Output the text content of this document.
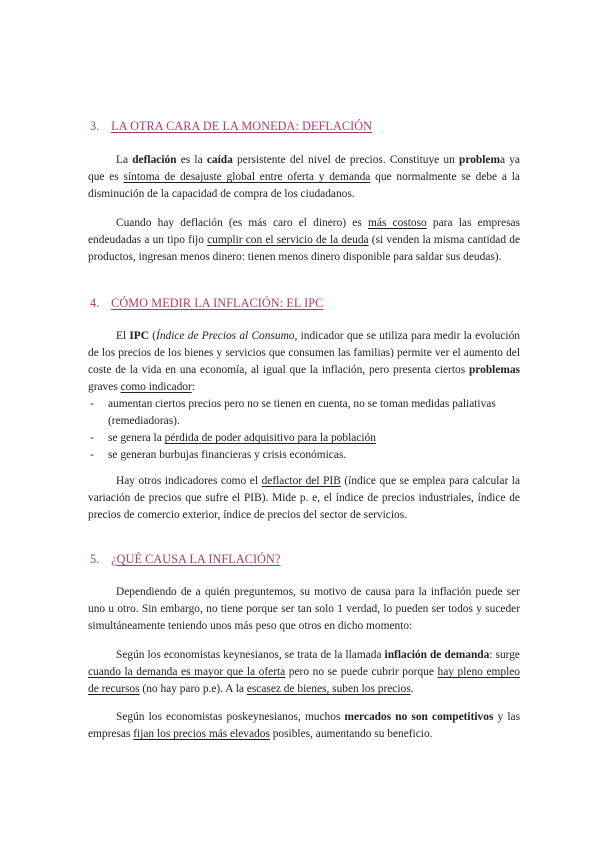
3. LA OTRA CARA DE LA MONEDA: DEFLACIÓN

La deflación es la caída persistente del nivel de precios. Constituye un problema ya que es síntoma de desajuste global entre oferta y demanda que normalmente se debe a la disminución de la capacidad de compra de los ciudadanos.

Cuando hay deflación (es más caro el dinero) es más costoso para las empresas endeudadas a un tipo fijo cumplir con el servicio de la deuda (si venden la misma cantidad de productos, ingresan menos dinero: tienen menos dinero disponible para saldar sus deudas).

4. CÓMO MEDIR LA INFLACIÓN: EL IPC

El IPC (Índice de Precios al Consumo, indicador que se utiliza para medir la evolución de los precios de los bienes y servicios que consumen las familias) permite ver el aumento del coste de la vida en una economía, al igual que la inflación, pero presenta ciertos problemas graves como indicador:

- aumentan ciertos precios pero no se tienen en cuenta, no se toman medidas paliativas (remediadoras).
- se genera la pérdida de poder adquisitivo para la población
- se generan burbujas financieras y crisis económicas.

Hay otros indicadores como el deflactor del PIB (índice que se emplea para calcular la variación de precios que sufre el PIB). Mide p. e, el índice de precios industriales, índice de precios de comercio exterior, índice de precios del sector de servicios.

5. ¿QUÉ CAUSA LA INFLACIÓN?

Dependiendo de a quién preguntemos, su motivo de causa para la inflación puede ser uno u otro. Sin embargo, no tiene porque ser tan solo 1 verdad, lo pueden ser todos y suceder simultáneamente teniendo unos más peso que otros en dicho momento:

Según los economistas keynesianos, se trata de la llamada inflación de demanda: surge cuando la demanda es mayor que la oferta pero no se puede cubrir porque hay pleno empleo de recursos (no hay paro p.e). A la escasez de bienes, suben los precios.

Según los economistas poskeynesianos, muchos mercados no son competitivos y las empresas fijan los precios más elevados posibles, aumentando su beneficio.
